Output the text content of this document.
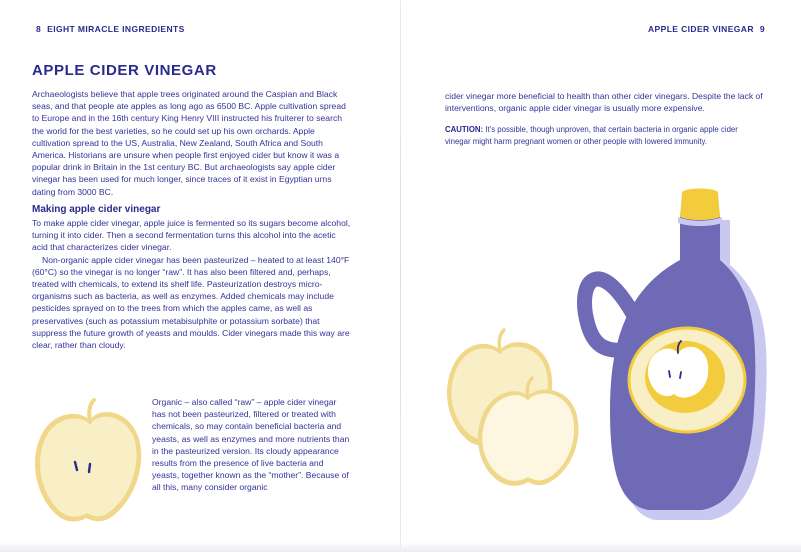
8 EIGHT MIRACLE INGREDIENTS	APPLE CIDER VINEGAR 9
APPLE CIDER VINEGAR

Archaeologists believe that apple trees originated around the Caspian and Black seas, and that people ate apples as long ago as 6500 BC. Apple cultivation spread to Europe and in the 16th century King Henry VIII instructed his fruiterer to search the world for the best varieties, so he could set up his own orchards. Apple cultivation spread to the US, Australia, New Zealand, South Africa and South America. Historians are unsure when people first enjoyed cider but know it was a popular drink in Britain in the 1st century BC. But archaeologists say apple cider vinegar has been used for much longer, since traces of it exist in Egyptian urns dating from 3000 BC.

Making apple cider vinegar

To make apple cider vinegar, apple juice is fermented so its sugars become alcohol, turning it into cider. Then a second fermentation turns this alcohol into the acetic acid that characterizes cider vinegar.

Non-organic apple cider vinegar has been pasteurized – heated to at least 140°F (60°C) so the vinegar is no longer “raw”. It has also been filtered and, perhaps, treated with chemicals, to extend its shelf life. Pasteurization destroys micro-organisms such as bacteria, as well as enzymes. Added chemicals may include pesticides sprayed on to the trees from which the apples came, as well as preservatives (such as potassium metabisulphite or potassium sorbate) that suppress the future growth of yeasts and moulds. Cider vinegars made this way are clear, rather than cloudy.

Organic – also called “raw” – apple cider vinegar has not been pasteurized, filtered or treated with chemicals, so may contain beneficial bacteria and yeasts, as well as enzymes and more nutrients than in the pasteurized version. Its cloudy appearance results from the presence of live bacteria and yeasts, together known as the “mother”. Because of all this, many consider organic

cider vinegar more beneficial to health than other cider vinegars. Despite the lack of interventions, organic apple cider vinegar is usually more expensive.

CAUTION: It’s possible, though unproven, that certain bacteria in organic apple cider vinegar might harm pregnant women or other people with lowered immunity.
